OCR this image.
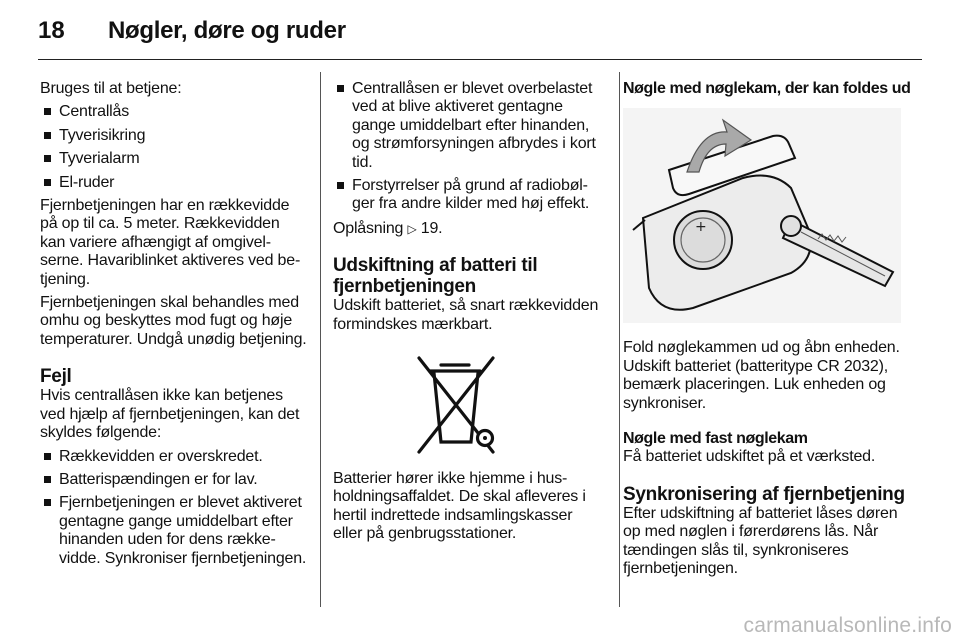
18 Nøgler, døre og ruder

Bruges til at betjene:

Centrallås
Tyverisikring
Tyverialarm
El-ruder

Fjernbetjeningen har en rækkevidde på op til ca. 5 meter. Rækkevidden kan variere afhængigt af omgivelserne. Havariblinket aktiveres ved betjening.

Fjernbetjeningen skal behandles med omhu og beskyttes mod fugt og høje temperaturer. Undgå unødig betjening.

Fejl

Hvis centrallåsen ikke kan betjenes ved hjælp af fjernbetjeningen, kan det skyldes følgende:

Rækkevidden er overskredet.
Batterispændingen er for lav.
Fjernbetjeningen er blevet aktiveret gentagne gange umiddelbart efter hinanden uden for dens rækkevidde. Synkroniser fjernbetjeningen.
Centrallåsen er blevet overbelastet ved at blive aktiveret gentagne gange umiddelbart efter hinanden, og strømforsyningen afbrydes i kort tid.
Forstyrrelser på grund af radiobølger fra andre kilder med høj effekt.

Oplåsning ▷ 19.

Udskiftning af batteri til fjernbetjeningen

Udskift batteriet, så snart rækkevidden formindskes mærkbart.

Batterier hører ikke hjemme i husholdningsaffaldet. De skal afleveres i hertil indrettede indsamlingskasser eller på genbrugsstationer.

Nøgle med nøglekam, der kan foldes ud

+

Fold nøglekammen ud og åbn enheden. Udskift batteriet (batteritype CR 2032), bemærk placeringen. Luk enheden og synkroniser.

Nøgle med fast nøglekam

Få batteriet udskiftet på et værksted.

Synkronisering af fjernbetjening

Efter udskiftning af batteriet låses døren op med nøglen i førerdørens lås. Når tændingen slås til, synkroniseres fjernbetjeningen.

carmanualsonline.info
